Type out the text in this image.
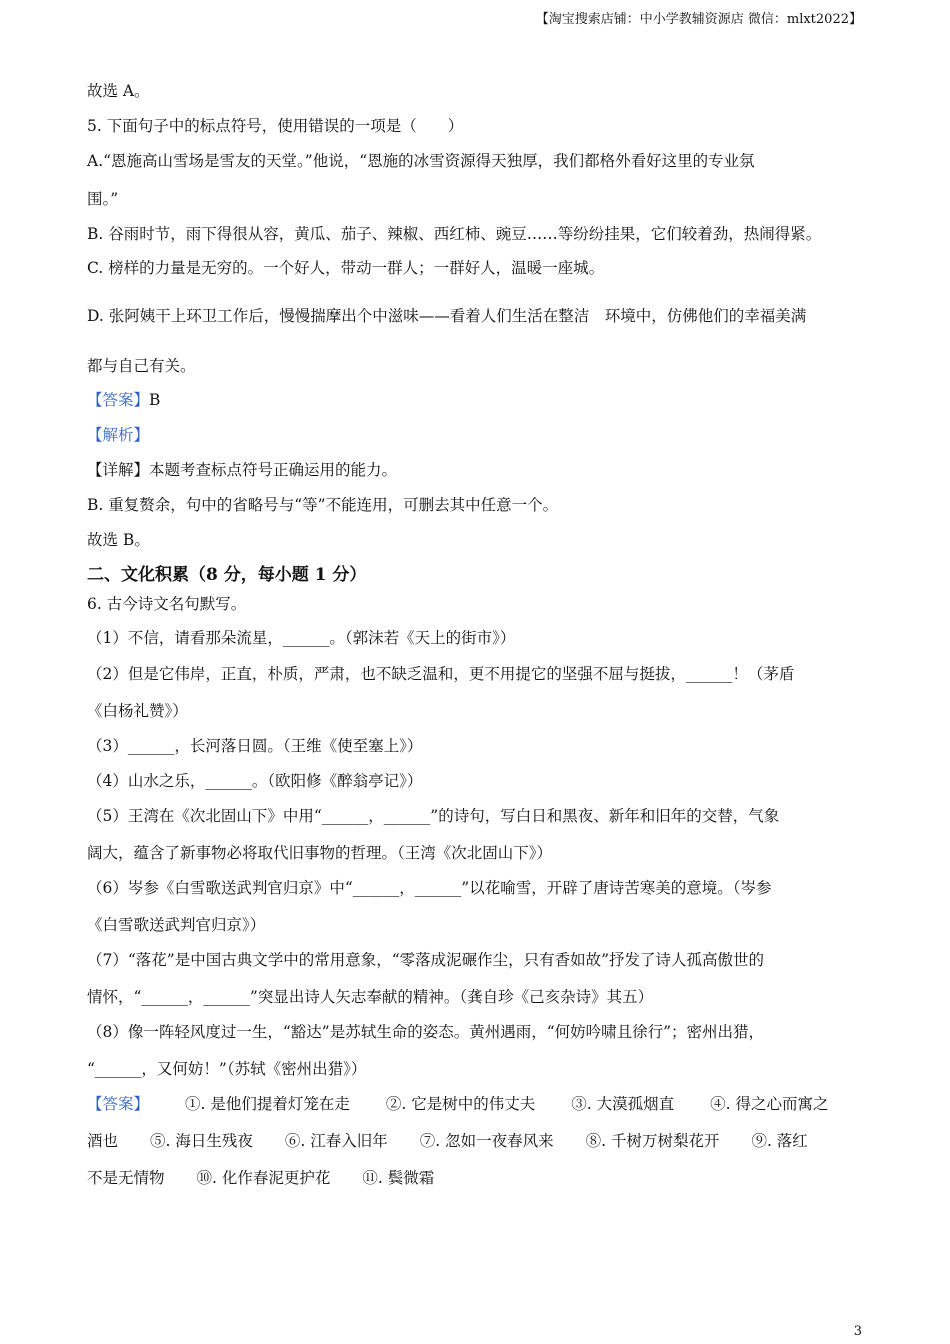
【淘宝搜索店铺：中小学教辅资源店 微信：mlxt2022】
故选 A。
5. 下面句子中的标点符号，使用错误的一项是（　　）
A.“恩施高山雪场是雪友的天堂。”他说，“恩施的冰雪资源得天独厚，我们都格外看好这里的专业氛
围。”
B. 谷雨时节，雨下得很从容，黄瓜、茄子、辣椒、西红柿、豌豆……等纷纷挂果，它们较着劲，热闹得紧。
C. 榜样的力量是无穷的。一个好人，带动一群人；一群好人，温暖一座城。
D. 张阿姨干上环卫工作后，慢慢揣摩出个中滋味——看着人们生活在整洁　环境中，仿佛他们的幸福美满
都与自己有关。
【答案】B
【解析】
【详解】本题考查标点符号正确运用的能力。
B. 重复赘余，句中的省略号与“等”不能连用，可删去其中任意一个。
故选 B。
二、文化积累（8 分，每小题 1 分）
6. 古今诗文名句默写。
（1）不信，请看那朵流星，______。（郭沫若《天上的街市》）
（2）但是它伟岸，正直，朴质，严肃，也不缺乏温和，更不用提它的坚强不屈与挺拔，______！（茅盾
《白杨礼赞》）
（3）______，长河落日圆。（王维《使至塞上》）
（4）山水之乐，______。（欧阳修《醉翁亭记》）
（5）王湾在《次北固山下》中用“______，______”的诗句，写白日和黑夜、新年和旧年的交替，气象
阔大，蕴含了新事物必将取代旧事物的哲理。（王湾《次北固山下》）
（6）岑参《白雪歌送武判官归京》中“______，______”以花喻雪，开辟了唐诗苦寒美的意境。（岑参
《白雪歌送武判官归京》）
（7）“落花”是中国古典文学中的常用意象，“零落成泥碾作尘，只有香如故”抒发了诗人孤高傲世的
情怀，“______，______”突显出诗人矢志奉献的精神。（龚自珍《己亥杂诗》其五）
（8）像一阵轻风度过一生，“豁达”是苏轼生命的姿态。黄州遇雨，“何妨吟啸且徐行”；密州出猎，
“______，又何妨！”（苏轼《密州出猎》）
【答案】 ①. 是他们提着灯笼在走 ②. 它是树中的伟丈夫 ③. 大漠孤烟直 ④. 得之心而寓之
酒也 ⑤. 海日生残夜 ⑥. 江春入旧年 ⑦. 忽如一夜春风来 ⑧. 千树万树梨花开 ⑨. 落红
不是无情物 ⑩. 化作春泥更护花 ⑪. 鬓微霜
3
